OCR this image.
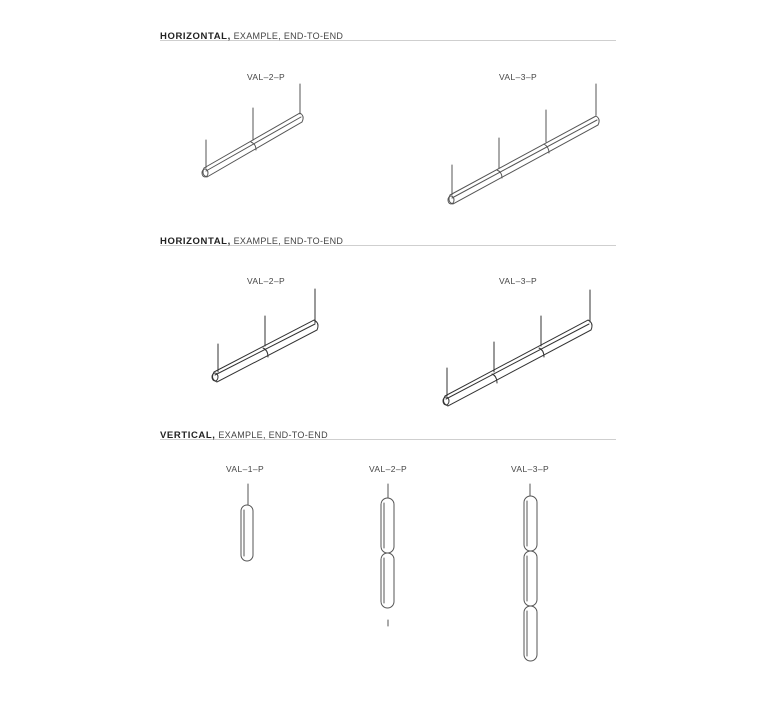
HORIZONTAL, EXAMPLE, END-TO-END
HORIZONTAL, EXAMPLE, END-TO-END
VERTICAL, EXAMPLE, END-TO-END
VAL–2–P	VAL–3–P
VAL–2–P	VAL–3–P
VAL–1–P	VAL–2–P	VAL–3–P
